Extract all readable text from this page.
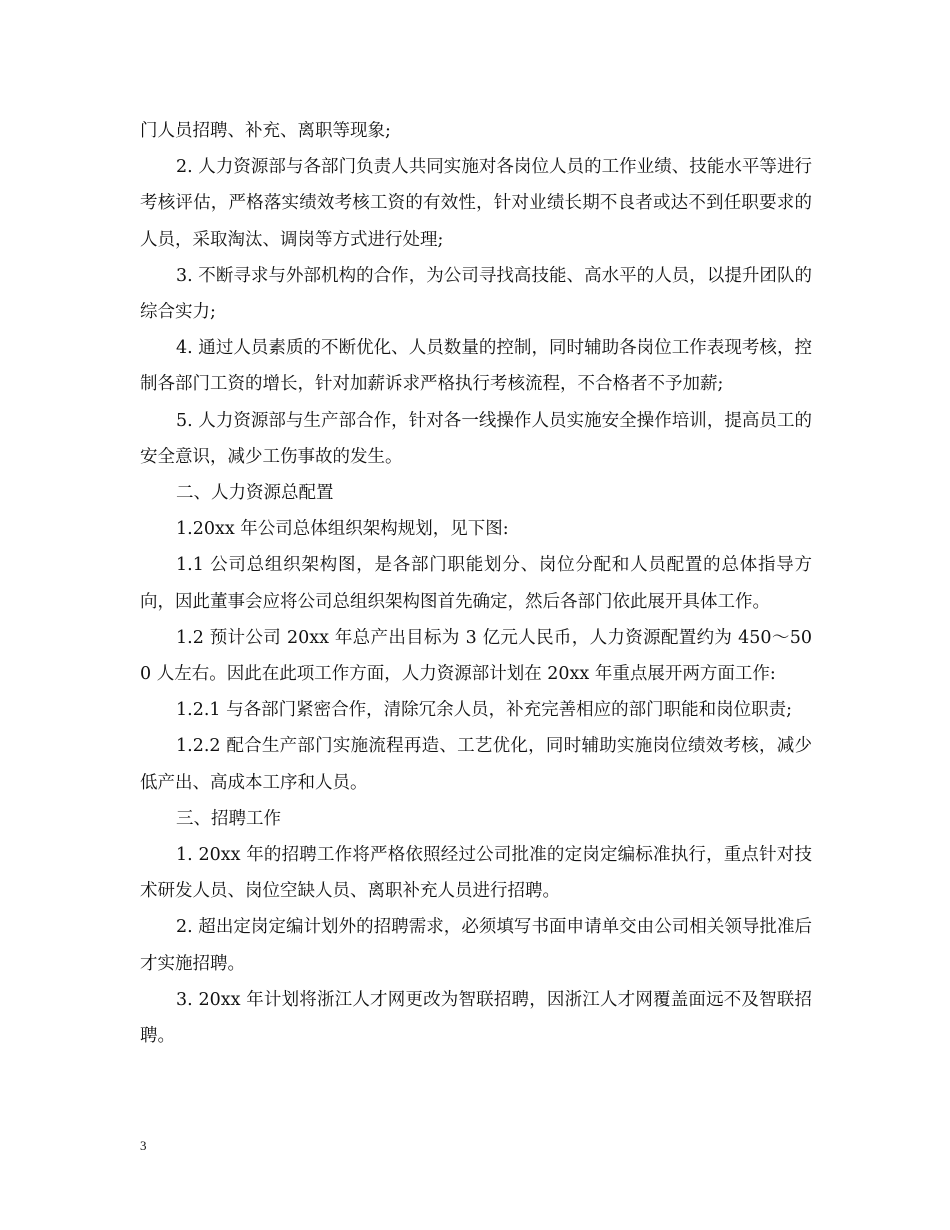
门人员招聘、补充、离职等现象;

2. 人力资源部与各部门负责人共同实施对各岗位人员的工作业绩、技能水平等进行考核评估，严格落实绩效考核工资的有效性，针对业绩长期不良者或达不到任职要求的人员，采取淘汰、调岗等方式进行处理;

3. 不断寻求与外部机构的合作，为公司寻找高技能、高水平的人员，以提升团队的综合实力;

4. 通过人员素质的不断优化、人员数量的控制，同时辅助各岗位工作表现考核，控制各部门工资的增长，针对加薪诉求严格执行考核流程，不合格者不予加薪;

5. 人力资源部与生产部合作，针对各一线操作人员实施安全操作培训，提高员工的安全意识，减少工伤事故的发生。

二、人力资源总配置

1.20xx 年公司总体组织架构规划，见下图:

1.1 公司总组织架构图，是各部门职能划分、岗位分配和人员配置的总体指导方向，因此董事会应将公司总组织架构图首先确定，然后各部门依此展开具体工作。

1.2 预计公司 20xx 年总产出目标为 3 亿元人民币，人力资源配置约为 450～500 人左右。因此在此项工作方面，人力资源部计划在 20xx 年重点展开两方面工作:

1.2.1 与各部门紧密合作，清除冗余人员，补充完善相应的部门职能和岗位职责;

1.2.2 配合生产部门实施流程再造、工艺优化，同时辅助实施岗位绩效考核，减少低产出、高成本工序和人员。

三、招聘工作

1. 20xx 年的招聘工作将严格依照经过公司批准的定岗定编标准执行，重点针对技术研发人员、岗位空缺人员、离职补充人员进行招聘。

2. 超出定岗定编计划外的招聘需求，必须填写书面申请单交由公司相关领导批准后才实施招聘。

3. 20xx 年计划将浙江人才网更改为智联招聘，因浙江人才网覆盖面远不及智联招聘。

3
